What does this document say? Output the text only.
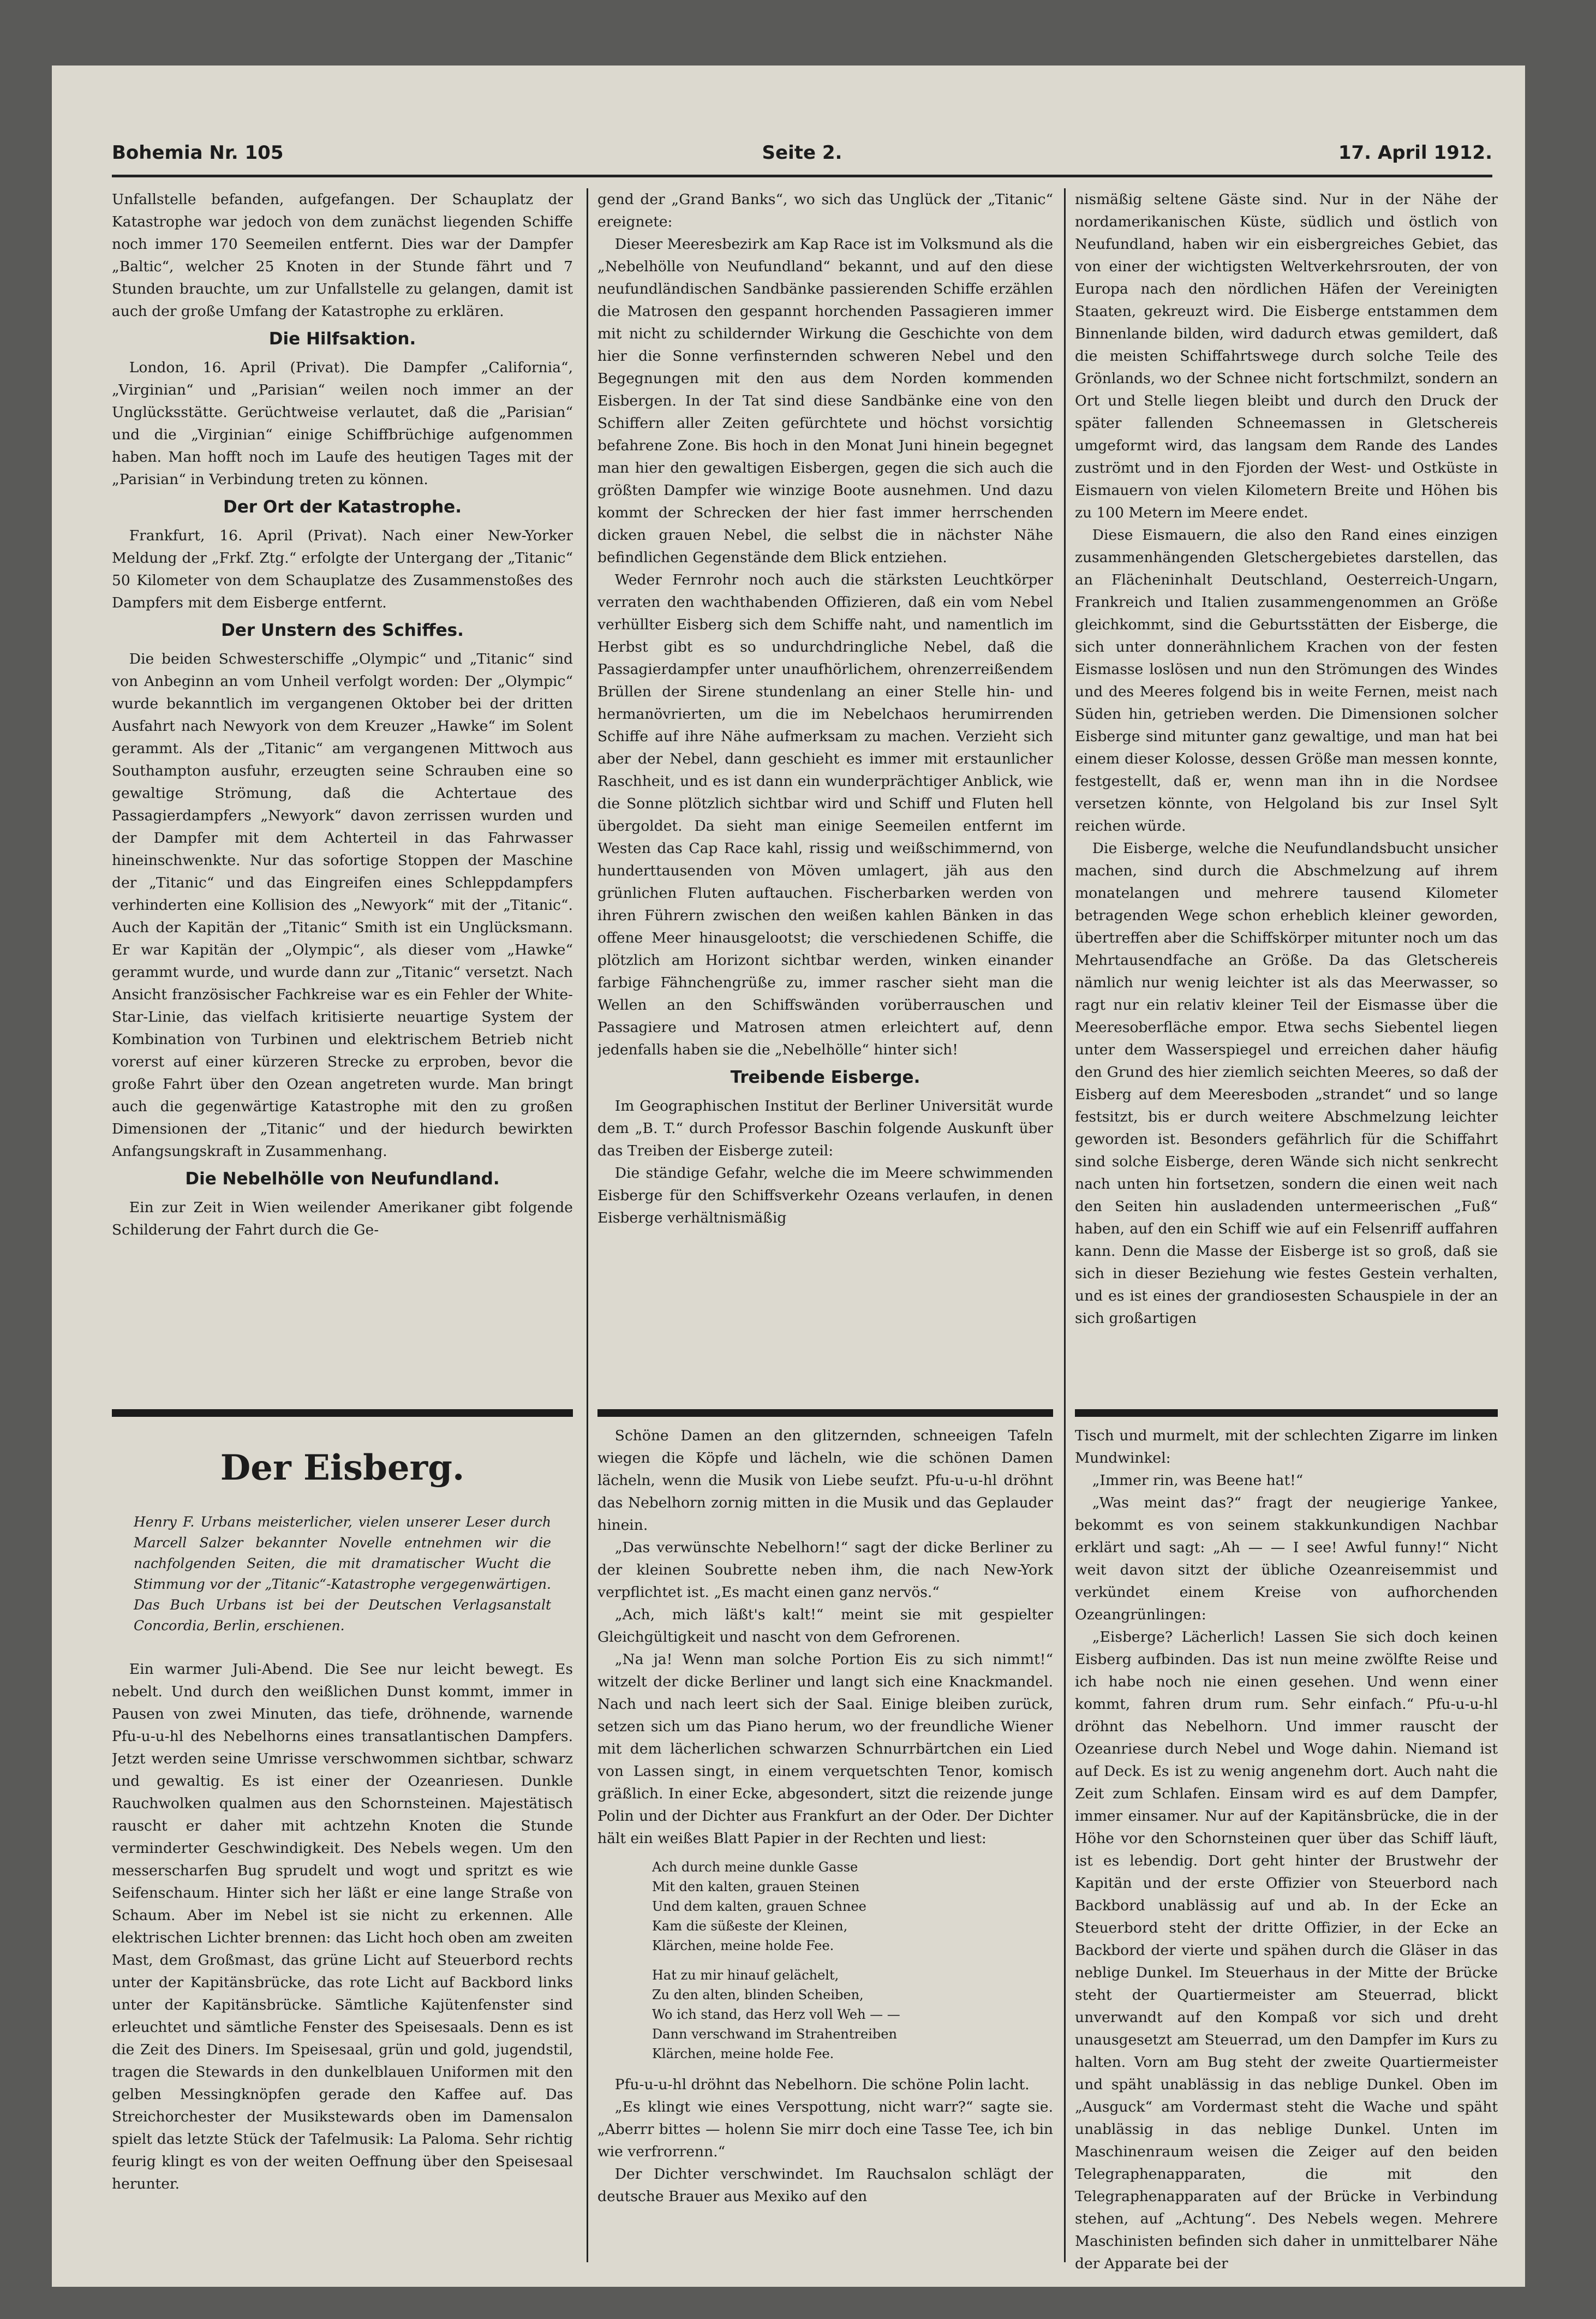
Bohemia Nr. 105	Seite 2.	17. April 1912.

Unfallstelle befanden, aufgefangen. Der Schauplatz der Katastrophe war jedoch von dem zunächst liegenden Schiffe noch immer 170 Seemeilen entfernt. Dies war der Dampfer „Baltic“, welcher 25 Knoten in der Stunde fährt und 7 Stunden brauchte, um zur Unfallstelle zu gelangen, damit ist auch der große Umfang der Katastrophe zu erklären.

Die Hilfsaktion.

London, 16. April (Privat). Die Dampfer „California“, „Virginian“ und „Parisian“ weilen noch immer an der Unglücksstätte. Gerüchtweise verlautet, daß die „Parisian“ und die „Virginian“ einige Schiffbrüchige aufgenommen haben. Man hofft noch im Laufe des heutigen Tages mit der „Parisian“ in Verbindung treten zu können.

Der Ort der Katastrophe.

Frankfurt, 16. April (Privat). Nach einer New-Yorker Meldung der „Frkf. Ztg.“ erfolgte der Untergang der „Titanic“ 50 Kilometer von dem Schauplatze des Zusammenstoßes des Dampfers mit dem Eisberge entfernt.

Der Unstern des Schiffes.

Die beiden Schwesterschiffe „Olympic“ und „Titanic“ sind von Anbeginn an vom Unheil verfolgt worden: Der „Olympic“ wurde bekanntlich im vergangenen Oktober bei der dritten Ausfahrt nach Newyork von dem Kreuzer „Hawke“ im Solent gerammt. Als der „Titanic“ am vergangenen Mittwoch aus Southampton ausfuhr, erzeugten seine Schrauben eine so gewaltige Strömung, daß die Achtertaue des Passagierdampfers „Newyork“ davon zerrissen wurden und der Dampfer mit dem Achterteil in das Fahrwasser hineinschwenkte. Nur das sofortige Stoppen der Maschine der „Titanic“ und das Eingreifen eines Schleppdampfers verhinderten eine Kollision des „Newyork“ mit der „Titanic“. Auch der Kapitän der „Titanic“ Smith ist ein Unglücksmann. Er war Kapitän der „Olympic“, als dieser vom „Hawke“ gerammt wurde, und wurde dann zur „Titanic“ versetzt. Nach Ansicht französischer Fachkreise war es ein Fehler der White-Star-Linie, das vielfach kritisierte neuartige System der Kombination von Turbinen und elektrischem Betrieb nicht vorerst auf einer kürzeren Strecke zu erproben, bevor die große Fahrt über den Ozean angetreten wurde. Man bringt auch die gegenwärtige Katastrophe mit den zu großen Dimensionen der „Titanic“ und der hiedurch bewirkten Anfangsungskraft in Zusammenhang.

Die Nebelhölle von Neufundland.

Ein zur Zeit in Wien weilender Amerikaner gibt folgende Schilderung der Fahrt durch die Ge-

gend der „Grand Banks“, wo sich das Unglück der „Titanic“ ereignete:

Dieser Meeresbezirk am Kap Race ist im Volksmund als die „Nebelhölle von Neufundland“ bekannt, und auf den diese neufundländischen Sandbänke passierenden Schiffe erzählen die Matrosen den gespannt horchenden Passagieren immer mit nicht zu schildernder Wirkung die Geschichte von dem hier die Sonne verfinsternden schweren Nebel und den Begegnungen mit den aus dem Norden kommenden Eisbergen. In der Tat sind diese Sandbänke eine von den Schiffern aller Zeiten gefürchtete und höchst vorsichtig befahrene Zone. Bis hoch in den Monat Juni hinein begegnet man hier den gewaltigen Eisbergen, gegen die sich auch die größten Dampfer wie winzige Boote ausnehmen. Und dazu kommt der Schrecken der hier fast immer herrschenden dicken grauen Nebel, die selbst die in nächster Nähe befindlichen Gegenstände dem Blick entziehen.

Weder Fernrohr noch auch die stärksten Leuchtkörper verraten den wachthabenden Offizieren, daß ein vom Nebel verhüllter Eisberg sich dem Schiffe naht, und namentlich im Herbst gibt es so undurchdringliche Nebel, daß die Passagierdampfer unter unaufhörlichem, ohrenzerreißendem Brüllen der Sirene stundenlang an einer Stelle hin- und hermanövrierten, um die im Nebelchaos herumirrenden Schiffe auf ihre Nähe aufmerksam zu machen. Verzieht sich aber der Nebel, dann geschieht es immer mit erstaunlicher Raschheit, und es ist dann ein wunderprächtiger Anblick, wie die Sonne plötzlich sichtbar wird und Schiff und Fluten hell übergoldet. Da sieht man einige Seemeilen entfernt im Westen das Cap Race kahl, rissig und weißschimmernd, von hunderttausenden von Möven umlagert, jäh aus den grünlichen Fluten auftauchen. Fischerbarken werden von ihren Führern zwischen den weißen kahlen Bänken in das offene Meer hinausgelootst; die verschiedenen Schiffe, die plötzlich am Horizont sichtbar werden, winken einander farbige Fähnchengrüße zu, immer rascher sieht man die Wellen an den Schiffswänden vorüberrauschen und Passagiere und Matrosen atmen erleichtert auf, denn jedenfalls haben sie die „Nebelhölle“ hinter sich!

Treibende Eisberge.

Im Geographischen Institut der Berliner Universität wurde dem „B. T.“ durch Professor Baschin folgende Auskunft über das Treiben der Eisberge zuteil:

Die ständige Gefahr, welche die im Meere schwimmenden Eisberge für den Schiffsverkehr Ozeans verlaufen, in denen Eisberge verhältnismäßig

nismäßig seltene Gäste sind. Nur in der Nähe der nordamerikanischen Küste, südlich und östlich von Neufundland, haben wir ein eisbergreiches Gebiet, das von einer der wichtigsten Weltverkehrsrouten, der von Europa nach den nördlichen Häfen der Vereinigten Staaten, gekreuzt wird. Die Eisberge entstammen dem Binnenlande bilden, wird dadurch etwas gemildert, daß die meisten Schiffahrtswege durch solche Teile des Grönlands, wo der Schnee nicht fortschmilzt, sondern an Ort und Stelle liegen bleibt und durch den Druck der später fallenden Schneemassen in Gletschereis umgeformt wird, das langsam dem Rande des Landes zuströmt und in den Fjorden der West- und Ostküste in Eismauern von vielen Kilometern Breite und Höhen bis zu 100 Metern im Meere endet.

Diese Eismauern, die also den Rand eines einzigen zusammenhängenden Gletschergebietes darstellen, das an Flächeninhalt Deutschland, Oesterreich-Ungarn, Frankreich und Italien zusammengenommen an Größe gleichkommt, sind die Geburtsstätten der Eisberge, die sich unter donnerähnlichem Krachen von der festen Eismasse loslösen und nun den Strömungen des Windes und des Meeres folgend bis in weite Fernen, meist nach Süden hin, getrieben werden. Die Dimensionen solcher Eisberge sind mitunter ganz gewaltige, und man hat bei einem dieser Kolosse, dessen Größe man messen konnte, festgestellt, daß er, wenn man ihn in die Nordsee versetzen könnte, von Helgoland bis zur Insel Sylt reichen würde.

Die Eisberge, welche die Neufundlandsbucht unsicher machen, sind durch die Abschmelzung auf ihrem monatelangen und mehrere tausend Kilometer betragenden Wege schon erheblich kleiner geworden, übertreffen aber die Schiffskörper mitunter noch um das Mehrtausendfache an Größe. Da das Gletschereis nämlich nur wenig leichter ist als das Meerwasser, so ragt nur ein relativ kleiner Teil der Eismasse über die Meeresoberfläche empor. Etwa sechs Siebentel liegen unter dem Wasserspiegel und erreichen daher häufig den Grund des hier ziemlich seichten Meeres, so daß der Eisberg auf dem Meeresboden „strandet“ und so lange festsitzt, bis er durch weitere Abschmelzung leichter geworden ist. Besonders gefährlich für die Schiffahrt sind solche Eisberge, deren Wände sich nicht senkrecht nach unten hin fortsetzen, sondern die einen weit nach den Seiten hin ausladenden untermeerischen „Fuß“ haben, auf den ein Schiff wie auf ein Felsenriff auffahren kann. Denn die Masse der Eisberge ist so groß, daß sie sich in dieser Beziehung wie festes Gestein verhalten, und es ist eines der grandiosesten Schauspiele in der an sich großartigen

Der Eisberg.
Henry F. Urbans meisterlicher, vielen unserer Leser durch Marcell Salzer bekannter Novelle entnehmen wir die nachfolgenden Seiten, die mit dramatischer Wucht die Stimmung vor der „Titanic“-Katastrophe vergegenwärtigen. Das Buch Urbans ist bei der Deutschen Verlagsanstalt Concordia, Berlin, erschienen.

Ein warmer Juli-Abend. Die See nur leicht bewegt. Es nebelt. Und durch den weißlichen Dunst kommt, immer in Pausen von zwei Minuten, das tiefe, dröhnende, warnende Pfu-u-u-hl des Nebelhorns eines transatlantischen Dampfers. Jetzt werden seine Umrisse verschwommen sichtbar, schwarz und gewaltig. Es ist einer der Ozeanriesen. Dunkle Rauchwolken qualmen aus den Schornsteinen. Majestätisch rauscht er daher mit achtzehn Knoten die Stunde verminderter Geschwindigkeit. Des Nebels wegen. Um den messerscharfen Bug sprudelt und wogt und spritzt es wie Seifenschaum. Hinter sich her läßt er eine lange Straße von Schaum. Aber im Nebel ist sie nicht zu erkennen. Alle elektrischen Lichter brennen: das Licht hoch oben am zweiten Mast, dem Großmast, das grüne Licht auf Steuerbord rechts unter der Kapitänsbrücke, das rote Licht auf Backbord links unter der Kapitänsbrücke. Sämtliche Kajütenfenster sind erleuchtet und sämtliche Fenster des Speisesaals. Denn es ist die Zeit des Diners. Im Speisesaal, grün und gold, jugendstil, tragen die Stewards in den dunkelblauen Uniformen mit den gelben Messingknöpfen gerade den Kaffee auf. Das Streichorchester der Musikstewards oben im Damensalon spielt das letzte Stück der Tafelmusik: La Paloma. Sehr richtig feurig klingt es von der weiten Oeffnung über den Speisesaal herunter.

Schöne Damen an den glitzernden, schneeigen Tafeln wiegen die Köpfe und lächeln, wie die schönen Damen lächeln, wenn die Musik von Liebe seufzt. Pfu-u-u-hl dröhnt das Nebelhorn zornig mitten in die Musik und das Geplauder hinein.

„Das verwünschte Nebelhorn!“ sagt der dicke Berliner zu der kleinen Soubrette neben ihm, die nach New-York verpflichtet ist. „Es macht einen ganz nervös.“

„Ach, mich läßt's kalt!“ meint sie mit gespielter Gleichgültigkeit und nascht von dem Gefrorenen.

„Na ja! Wenn man solche Portion Eis zu sich nimmt!“ witzelt der dicke Berliner und langt sich eine Knackmandel. Nach und nach leert sich der Saal. Einige bleiben zurück, setzen sich um das Piano herum, wo der freundliche Wiener mit dem lächerlichen schwarzen Schnurrbärtchen ein Lied von Lassen singt, in einem verquetschten Tenor, komisch gräßlich. In einer Ecke, abgesondert, sitzt die reizende junge Polin und der Dichter aus Frankfurt an der Oder. Der Dichter hält ein weißes Blatt Papier in der Rechten und liest:

Ach durch meine dunkle Gasse
Mit den kalten, grauen Steinen
Und dem kalten, grauen Schnee
Kam die süßeste der Kleinen,
Klärchen, meine holde Fee.
Hat zu mir hinauf gelächelt,
Zu den alten, blinden Scheiben,
Wo ich stand, das Herz voll Weh — —
Dann verschwand im Strahentreiben
Klärchen, meine holde Fee.

Pfu-u-u-hl dröhnt das Nebelhorn. Die schöne Polin lacht.

„Es klingt wie eines Verspottung, nicht warr?“ sagte sie. „Aberrr bittes — holenn Sie mirr doch eine Tasse Tee, ich bin wie verfrorrenn.“

Der Dichter verschwindet. Im Rauchsalon schlägt der deutsche Brauer aus Mexiko auf den

Tisch und murmelt, mit der schlechten Zigarre im linken Mundwinkel:

„Immer rin, was Beene hat!“

„Was meint das?“ fragt der neugierige Yankee, bekommt es von seinem stakkunkundigen Nachbar erklärt und sagt: „Ah — — I see! Awful funny!“ Nicht weit davon sitzt der übliche Ozeanreisemmist und verkündet einem Kreise von aufhorchenden Ozeangrünlingen:

„Eisberge? Lächerlich! Lassen Sie sich doch keinen Eisberg aufbinden. Das ist nun meine zwölfte Reise und ich habe noch nie einen gesehen. Und wenn einer kommt, fahren drum rum. Sehr einfach.“ Pfu-u-u-hl dröhnt das Nebelhorn. Und immer rauscht der Ozeanriese durch Nebel und Woge dahin. Niemand ist auf Deck. Es ist zu wenig angenehm dort. Auch naht die Zeit zum Schlafen. Einsam wird es auf dem Dampfer, immer einsamer. Nur auf der Kapitänsbrücke, die in der Höhe vor den Schornsteinen quer über das Schiff läuft, ist es lebendig. Dort geht hinter der Brustwehr der Kapitän und der erste Offizier von Steuerbord nach Backbord unablässig auf und ab. In der Ecke an Steuerbord steht der dritte Offizier, in der Ecke an Backbord der vierte und spähen durch die Gläser in das neblige Dunkel. Im Steuerhaus in der Mitte der Brücke steht der Quartiermeister am Steuerrad, blickt unverwandt auf den Kompaß vor sich und dreht unausgesetzt am Steuerrad, um den Dampfer im Kurs zu halten. Vorn am Bug steht der zweite Quartiermeister und späht unablässig in das neblige Dunkel. Oben im „Ausguck“ am Vordermast steht die Wache und späht unablässig in das neblige Dunkel. Unten im Maschinenraum weisen die Zeiger auf den beiden Telegraphenapparaten, die mit den Telegraphenapparaten auf der Brücke in Verbindung stehen, auf „Achtung“. Des Nebels wegen. Mehrere Maschinisten befinden sich daher in unmittelbarer Nähe der Apparate bei der
